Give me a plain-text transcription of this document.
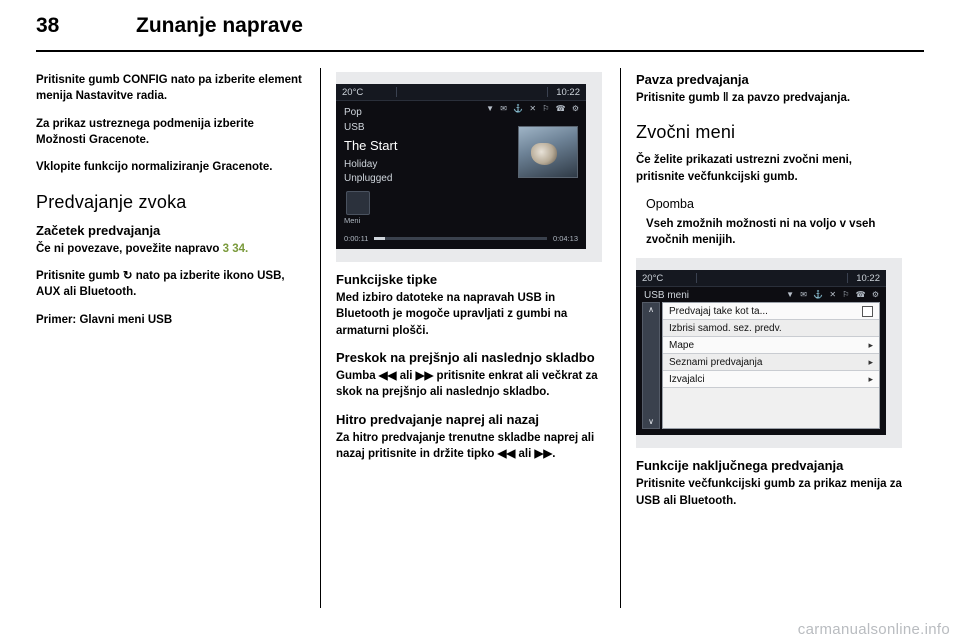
38	Zunanje naprave

Pritisnite gumb CONFIG nato pa izberite element menija Nastavitve radia.

Za prikaz ustreznega podmenija izberite Možnosti Gracenote.

Vklopite funkcijo normaliziranje Gracenote.

Predvajanje zvoka
Začetek predvajanja

Če ni povezave, povežite napravo 3 34.

Pritisnite gumb ↻ nato pa izberite ikono USB, AUX ali Bluetooth.

Primer: Glavni meni USB

20°C	10:22
▼ ✉ ⚓ ✕ ⚐ ☎ ⚙
Pop
USB
The Start
Holiday
Unplugged
Meni
0:00:11	0:04:13
Funkcijske tipke

Med izbiro datoteke na napravah USB in Bluetooth je mogoče upravljati z gumbi na armaturni plošči.

Preskok na prejšnjo ali naslednjo skladbo

Gumba ◀◀ ali ▶▶ pritisnite enkrat ali večkrat za skok na prejšnjo ali naslednjo skladbo.

Hitro predvajanje naprej ali nazaj

Za hitro predvajanje trenutne skladbe naprej ali nazaj pritisnite in držite tipko ◀◀ ali ▶▶.

Pavza predvajanja

Pritisnite gumb ‖ za pavzo predvajanja.

Zvočni meni

Če želite prikazati ustrezni zvočni meni, pritisnite večfunkcijski gumb.

Opomba
Vseh zmožnih možnosti ni na voljo v vseh zvočnih menijih.
20°C	10:22
USB meni	▼ ✉ ⚓ ✕ ⚐ ☎ ⚙
∧
∨
Predvajaj take kot ta...
Izbrisi samod. sez. predv.
Mape	▸
Seznami predvajanja	▸
Izvajalci	▸
Funkcije naključnega predvajanja

Pritisnite večfunkcijski gumb za prikaz menija za USB ali Bluetooth.

carmanualsonline.info
